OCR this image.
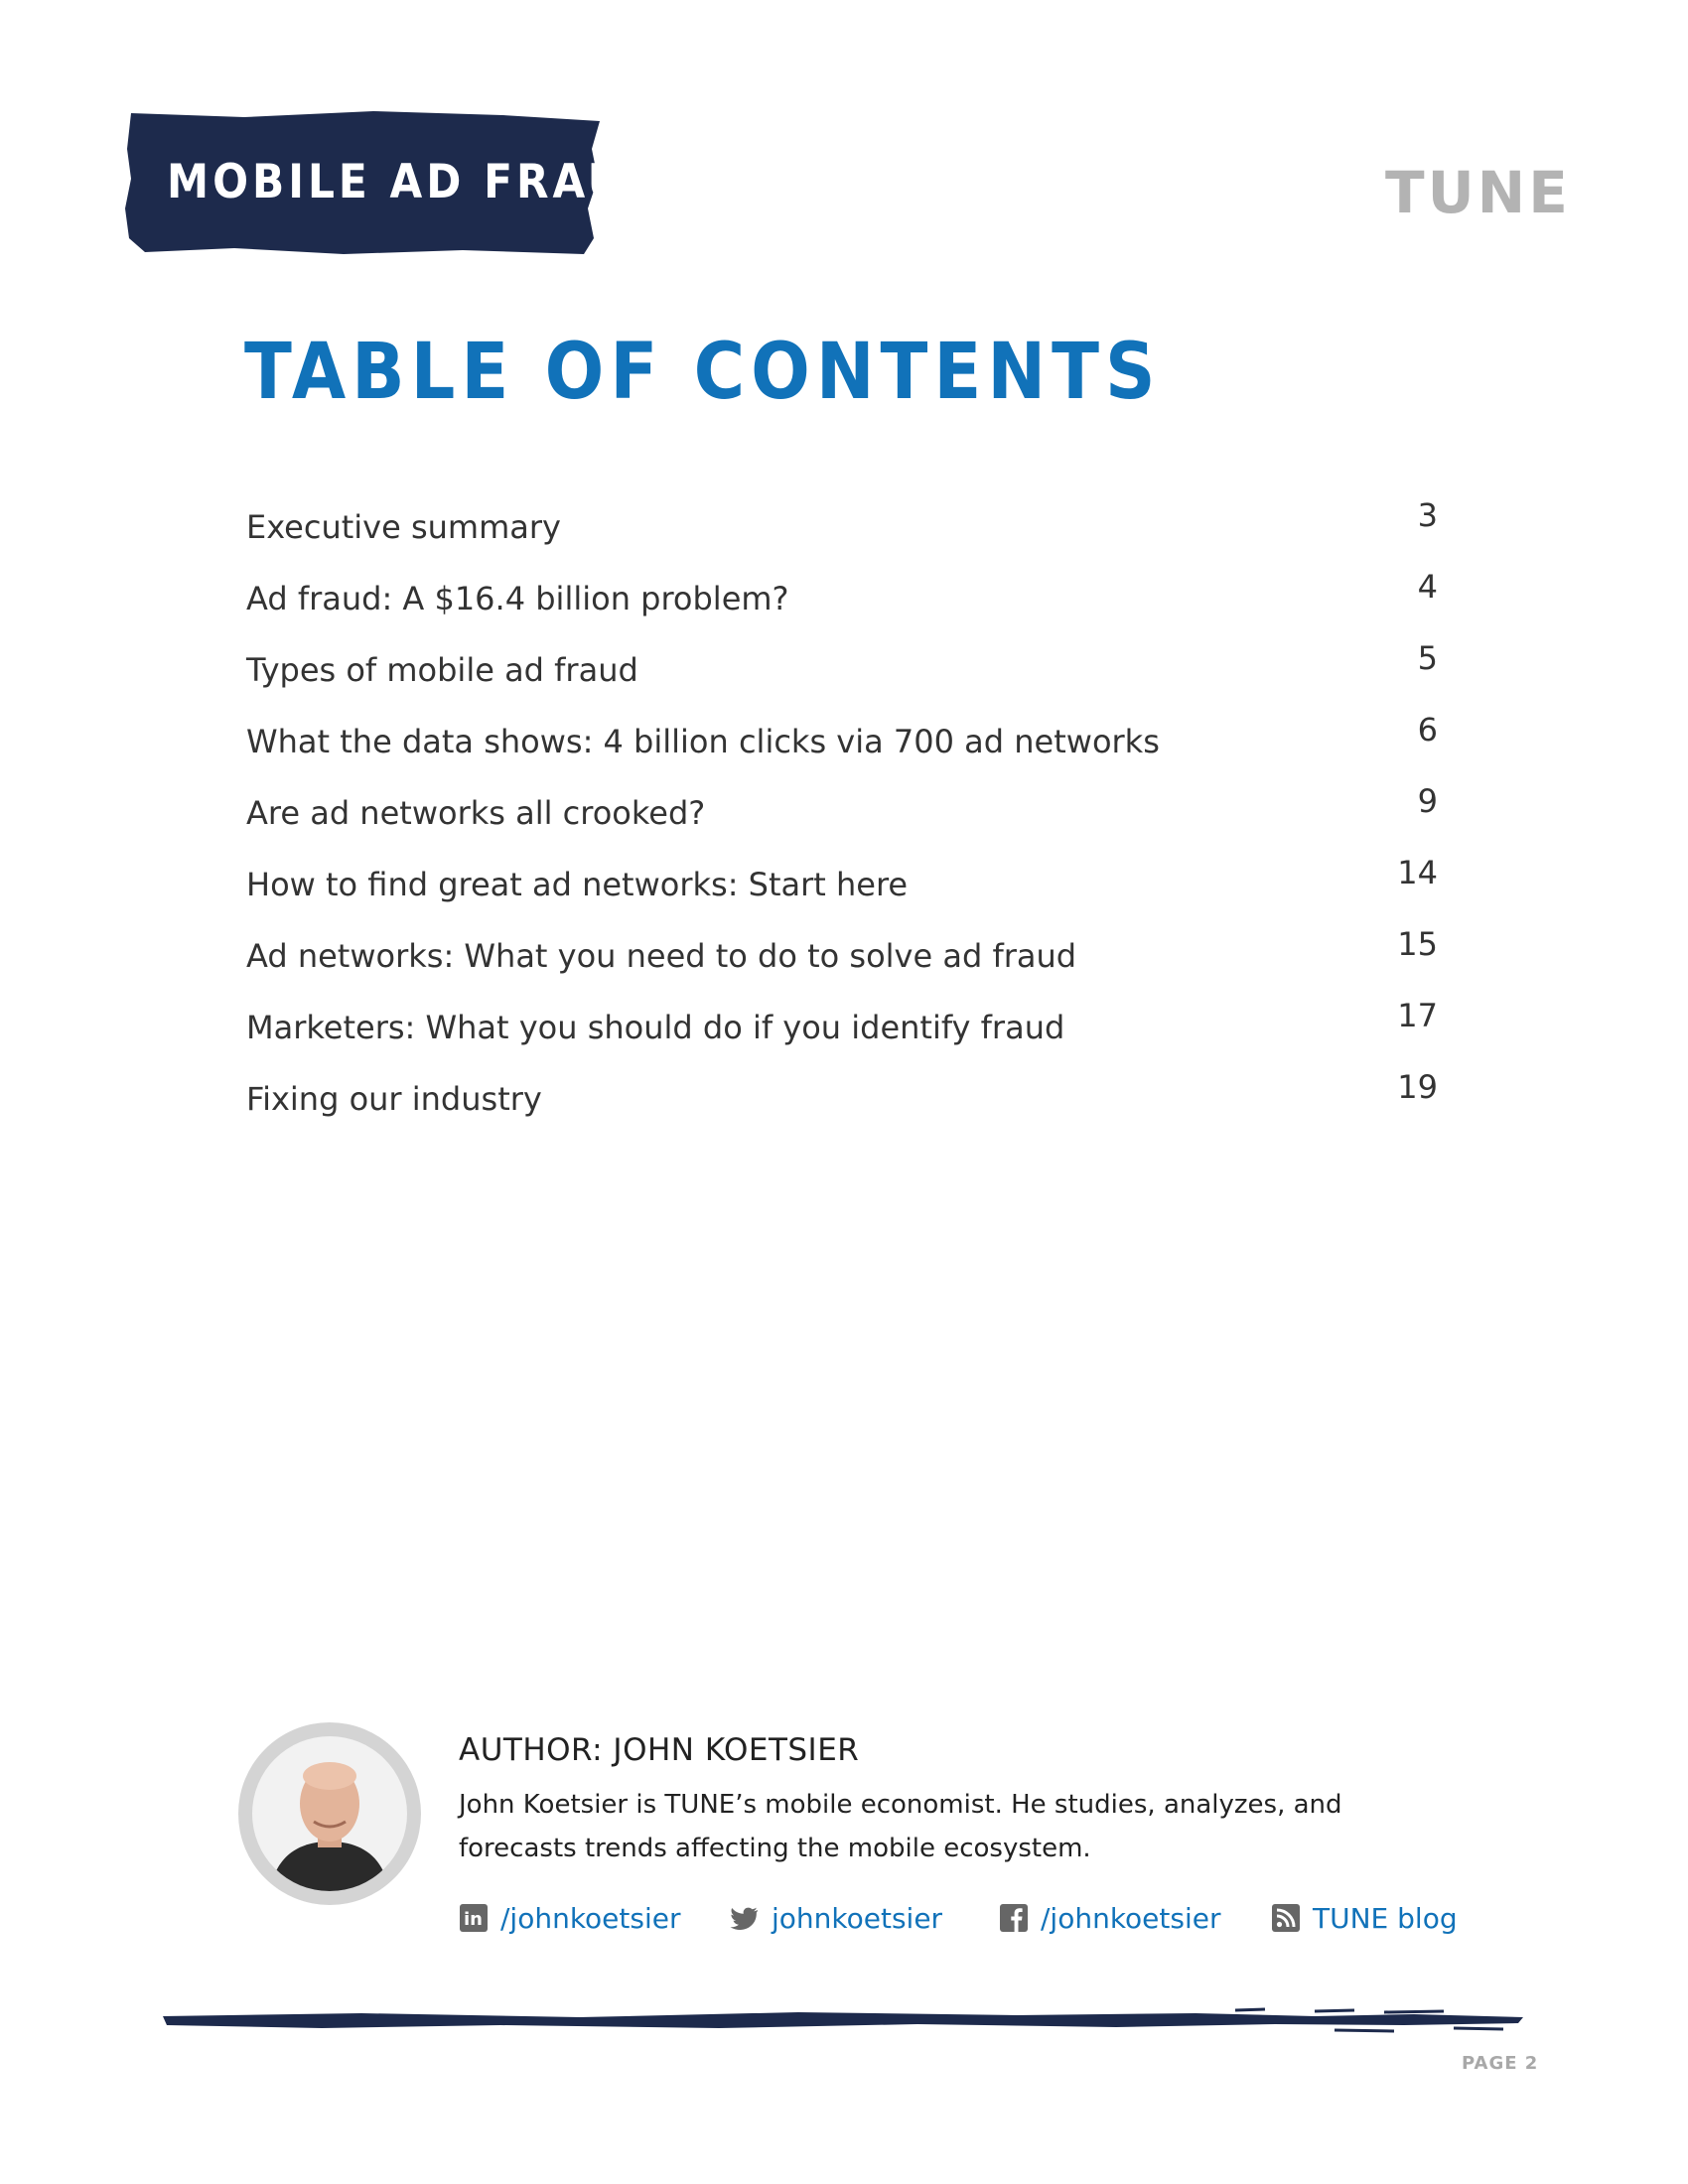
MOBILE AD FRAUD	TUNE
TABLE OF CONTENTS
Executive summary	3
Ad fraud: A $16.4 billion problem?	4
Types of mobile ad fraud	5
What the data shows: 4 billion clicks via 700 ad networks	6
Are ad networks all crooked?	9
How to find great ad networks: Start here	14
Ad networks: What you need to do to solve ad fraud	15
Marketers: What you should do if you identify fraud	17
Fixing our industry	19
AUTHOR: JOHN KOETSIER
John Koetsier is TUNE’s mobile economist. He studies, analyzes, and forecasts trends affecting the mobile ecosystem.
in /johnkoetsier	johnkoetsier	/johnkoetsier	TUNE blog
PAGE 2
